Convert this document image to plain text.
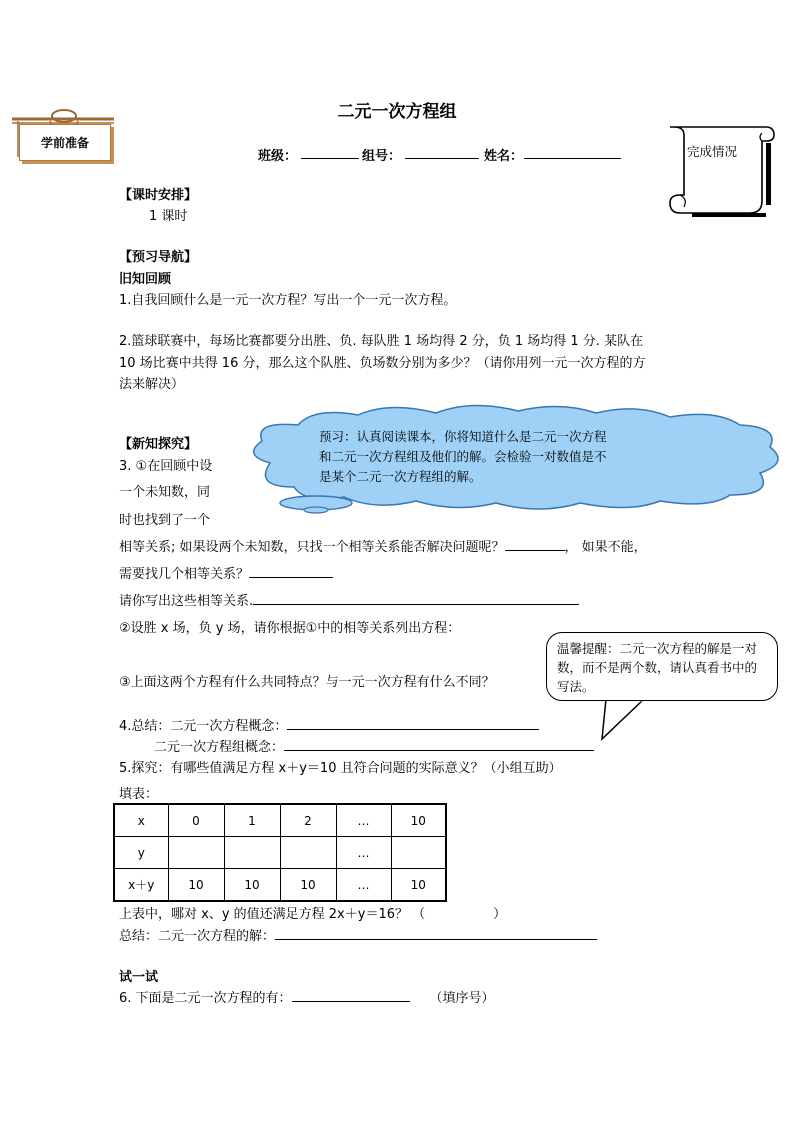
二元一次方程组
学前准备
班级：	组号：	姓名：	完成情况
【课时安排】
1 课时
【预习导航】
旧知回顾
1.自我回顾什么是一元一次方程？写出一个一元一次方程。
2.篮球联赛中，每场比赛都要分出胜、负. 每队胜 1 场均得 2 分，负 1 场均得 1 分. 某队在
10 场比赛中共得 16 分，那么这个队胜、负场数分别为多少？（请你用列一元一次方程的方
法来解决）
预习：认真阅读课本，你将知道什么是二元一次方程
和二元一次方程组及他们的解。会检验一对数值是不
是某个二元一次方程组的解。
【新知探究】
3. ①在回顾中设
一个未知数，同
时也找到了一个
相等关系; 如果设两个未知数，只找一个相等关系能否解决问题呢？	， 如果不能，
需要找几个相等关系？
请你写出这些相等关系.
②设胜 x 场，负 y 场，请你根据①中的相等关系列出方程：
③上面这两个方程有什么共同特点？与一元一次方程有什么不同？
温馨提醒：二元一次方程的解是一对数，而不是两个数，请认真看书中的写法。
4.总结：二元一次方程概念：
二元一次方程组概念：
5.探究：有哪些值满足方程 x＋y＝10 且符合问题的实际意义？（小组互助）
填表：
x	0	1	2	…	10
y				…	
x＋y	10	10	10	…	10
上表中，哪对 x、y 的值还满足方程 2x＋y＝16？ （	）
总结：二元一次方程的解：
试一试
6. 下面是二元一次方程的有：	（填序号）
